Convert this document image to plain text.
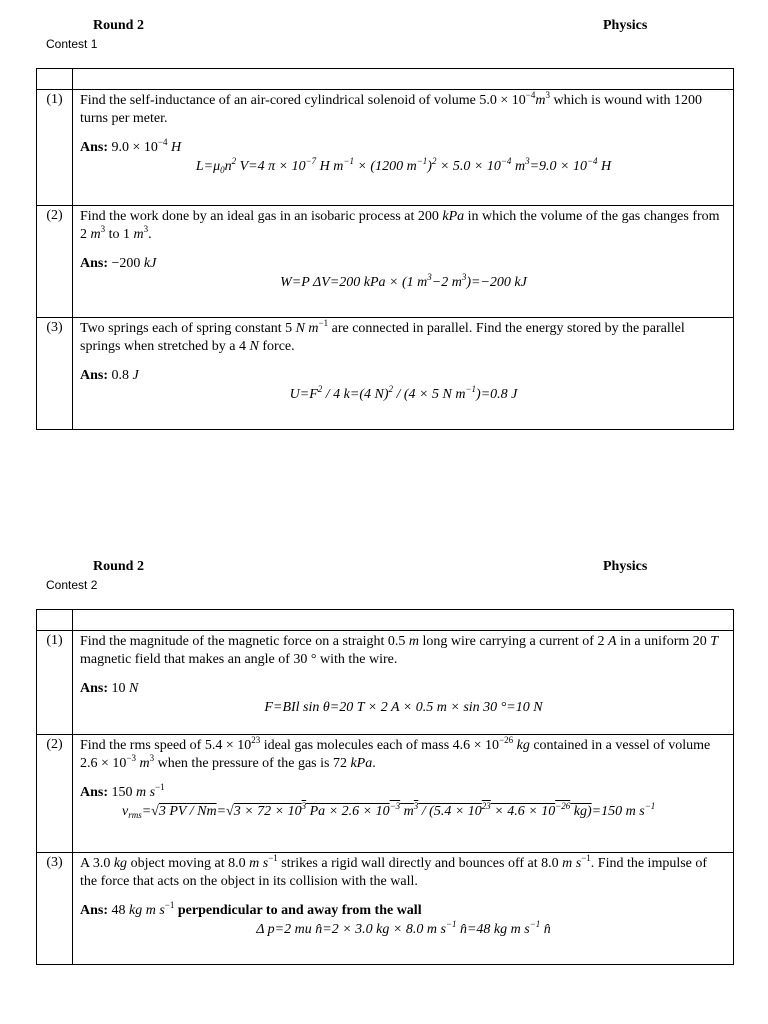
Round 2	Physics
Contest 1

(1)	Find the self-inductance of an air-cored cylindrical solenoid of volume $5.0 \times 10^{-4}m^3$ which is wound with 1200 turns per meter.

Ans: $9.0 \times 10^{-4}$ H
$L=\mu_0n^2$ V=4 $\pi \times 10^{-7}$ H $m^{-1} \times (1200$ $m^{-1})^2 \times 5.0 \times 10^{-4}$ $m^3=9.0 \times 10^{-4}$ H

(2)	Find the work done by an ideal gas in an isobaric process at 200 kPa in which the volume of the gas changes from 2 $m^3$ to 1 $m^3$.

Ans: −200 kJ
W=P ΔV=200 kPa × (1 $m^3-2$ $m^3)=-200$ kJ

(3)	Two springs each of spring constant 5 N $m^{-1}$ are connected in parallel. Find the energy stored by the parallel springs when stretched by a 4 N force.

Ans: 0.8 J
$U=F^2 / 4$ k=(4 N)$^2$ / (4 × 5 N $m^{-1})=0.8$ J
Round 2	Physics
Contest 2

(1)	Find the magnitude of the magnetic force on a straight 0.5 m long wire carrying a current of 2 A in a uniform 20 T magnetic field that makes an angle of 30 ° with the wire.

Ans: 10 N
F=BIl sin θ=20 T × 2 A × 0.5 m × sin 30 °=10 N

(2)	Find the rms speed of $5.4 \times 10^{23}$ ideal gas molecules each of mass $4.6 \times 10^{-26}$ kg contained in a vessel of volume $2.6 \times 10^{-3}$ $m^3$ when the pressure of the gas is 72 kPa.

Ans: 150 m $s^{-1}$
$v_{rms}=√3$ PV / $Nm=√3 \times 72 \times 10^3$ $Pa \times 2.6 \times 10^{-3}$ $m^3 / (5.4 \times 10^{23} \times 4.6 \times 10^{-26}$ kg)=150 m $s^{-1}$

(3)	A 3.0 kg object moving at 8.0 m $s^{-1}$ strikes a rigid wall directly and bounces off at 8.0 m $s^{-1}$. Find the impulse of the force that acts on the object in its collision with the wall.

Ans: 48 kg m $s^{-1}$ perpendicular to and away from the wall
Δ p=2 mu n̂=2 × 3.0 kg × 8.0 m $s^{-1}$ n̂=48 kg m $s^{-1}$ n̂
